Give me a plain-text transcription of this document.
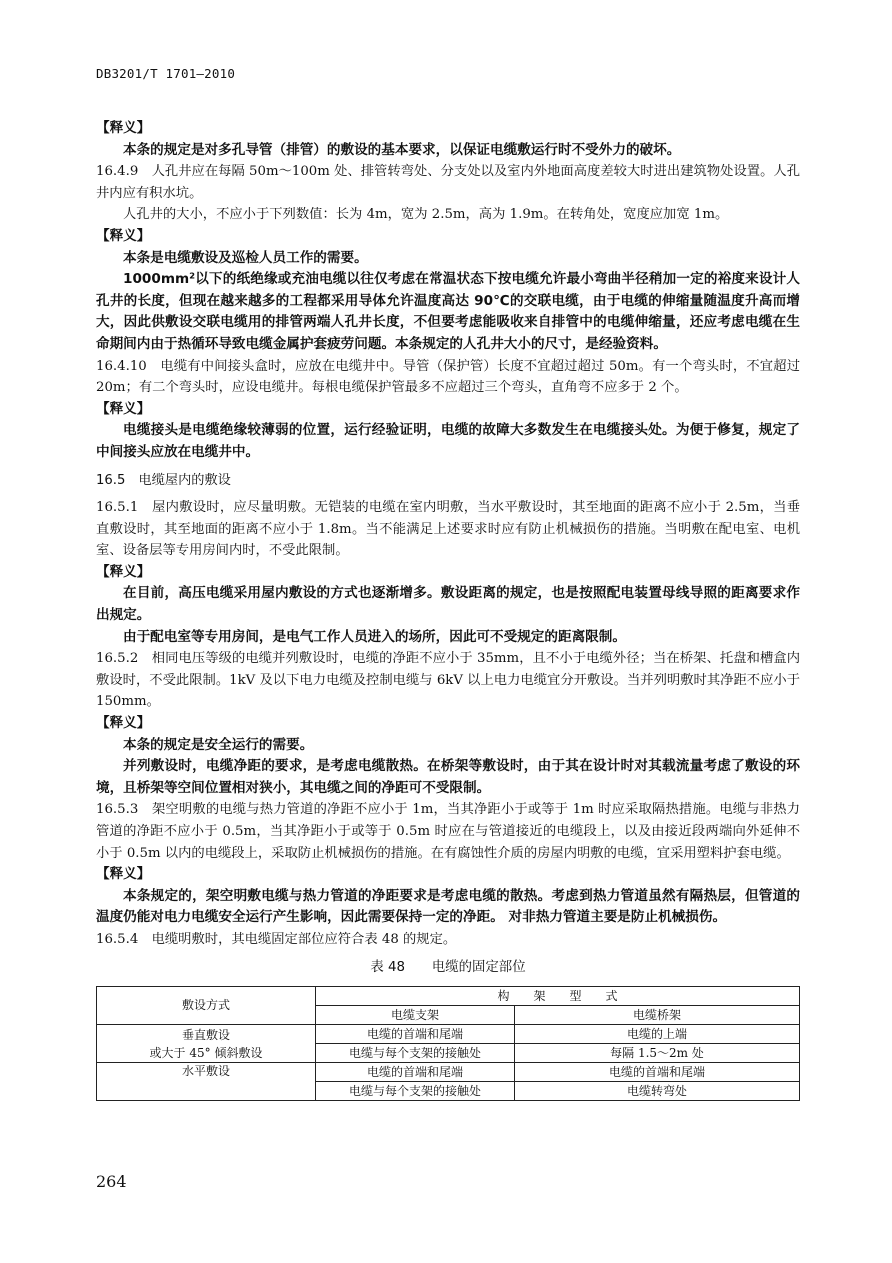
DB3201/T 1701—2010

【释义】

本条的规定是对多孔导管（排管）的敷设的基本要求，以保证电缆敷运行时不受外力的破坏。

16.4.9　人孔井应在每隔 50m～100m 处、排管转弯处、分支处以及室内外地面高度差较大时进出建筑物处设置。人孔井内应有积水坑。

人孔井的大小，不应小于下列数值：长为 4m，宽为 2.5m，高为 1.9m。在转角处，宽度应加宽 1m。

【释义】

本条是电缆敷设及巡检人员工作的需要。

1000mm²以下的纸绝缘或充油电缆以往仅考虑在常温状态下按电缆允许最小弯曲半径稍加一定的裕度来设计人孔井的长度，但现在越来越多的工程都采用导体允许温度高达 90℃的交联电缆，由于电缆的伸缩量随温度升高而增大，因此供敷设交联电缆用的排管两端人孔井长度，不但要考虑能吸收来自排管中的电缆伸缩量，还应考虑电缆在生命期间内由于热循环导致电缆金属护套疲劳问题。本条规定的人孔井大小的尺寸，是经验资料。

16.4.10　电缆有中间接头盒时，应放在电缆井中。导管（保护管）长度不宜超过超过 50m。有一个弯头时，不宜超过 20m；有二个弯头时，应设电缆井。每根电缆保护管最多不应超过三个弯头，直角弯不应多于 2 个。

【释义】

电缆接头是电缆绝缘较薄弱的位置，运行经验证明，电缆的故障大多数发生在电缆接头处。为便于修复，规定了中间接头应放在电缆井中。

16.5　电缆屋内的敷设

16.5.1　屋内敷设时，应尽量明敷。无铠装的电缆在室内明敷，当水平敷设时，其至地面的距离不应小于 2.5m，当垂直敷设时，其至地面的距离不应小于 1.8m。当不能满足上述要求时应有防止机械损伤的措施。当明敷在配电室、电机室、设备层等专用房间内时，不受此限制。

【释义】

在目前，高压电缆采用屋内敷设的方式也逐渐增多。敷设距离的规定，也是按照配电装置母线导照的距离要求作出规定。

由于配电室等专用房间，是电气工作人员进入的场所，因此可不受规定的距离限制。

16.5.2　相同电压等级的电缆并列敷设时，电缆的净距不应小于 35mm，且不小于电缆外径；当在桥架、托盘和槽盒内敷设时，不受此限制。1kV 及以下电力电缆及控制电缆与 6kV 以上电力电缆宜分开敷设。当并列明敷时其净距不应小于 150mm。

【释义】

本条的规定是安全运行的需要。

并列敷设时，电缆净距的要求，是考虑电缆散热。在桥架等敷设时，由于其在设计时对其载流量考虑了敷设的环境，且桥架等空间位置相对狭小，其电缆之间的净距可不受限制。

16.5.3　架空明敷的电缆与热力管道的净距不应小于 1m，当其净距小于或等于 1m 时应采取隔热措施。电缆与非热力管道的净距不应小于 0.5m，当其净距小于或等于 0.5m 时应在与管道接近的电缆段上，以及由接近段两端向外延伸不小于 0.5m 以内的电缆段上，采取防止机械损伤的措施。在有腐蚀性介质的房屋内明敷的电缆，宜采用塑料护套电缆。

【释义】

本条规定的，架空明敷电缆与热力管道的净距要求是考虑电缆的散热。考虑到热力管道虽然有隔热层，但管道的温度仍能对电力电缆安全运行产生影响，因此需要保持一定的净距。 对非热力管道主要是防止机械损伤。

16.5.4　电缆明敷时，其电缆固定部位应符合表 48 的规定。

表 48　　电缆的固定部位
敷设方式	构　　架　　型　　式	
	电缆支架	电缆桥架

垂直敷设
或大于 45° 倾斜敷设	电缆的首端和尾端	电缆的上端
	电缆与每个支架的接触处	每隔 1.5～2m 处
水平敷设	电缆的首端和尾端	电缆的首端和尾端
	电缆与每个支架的接触处	电缆转弯处
264
